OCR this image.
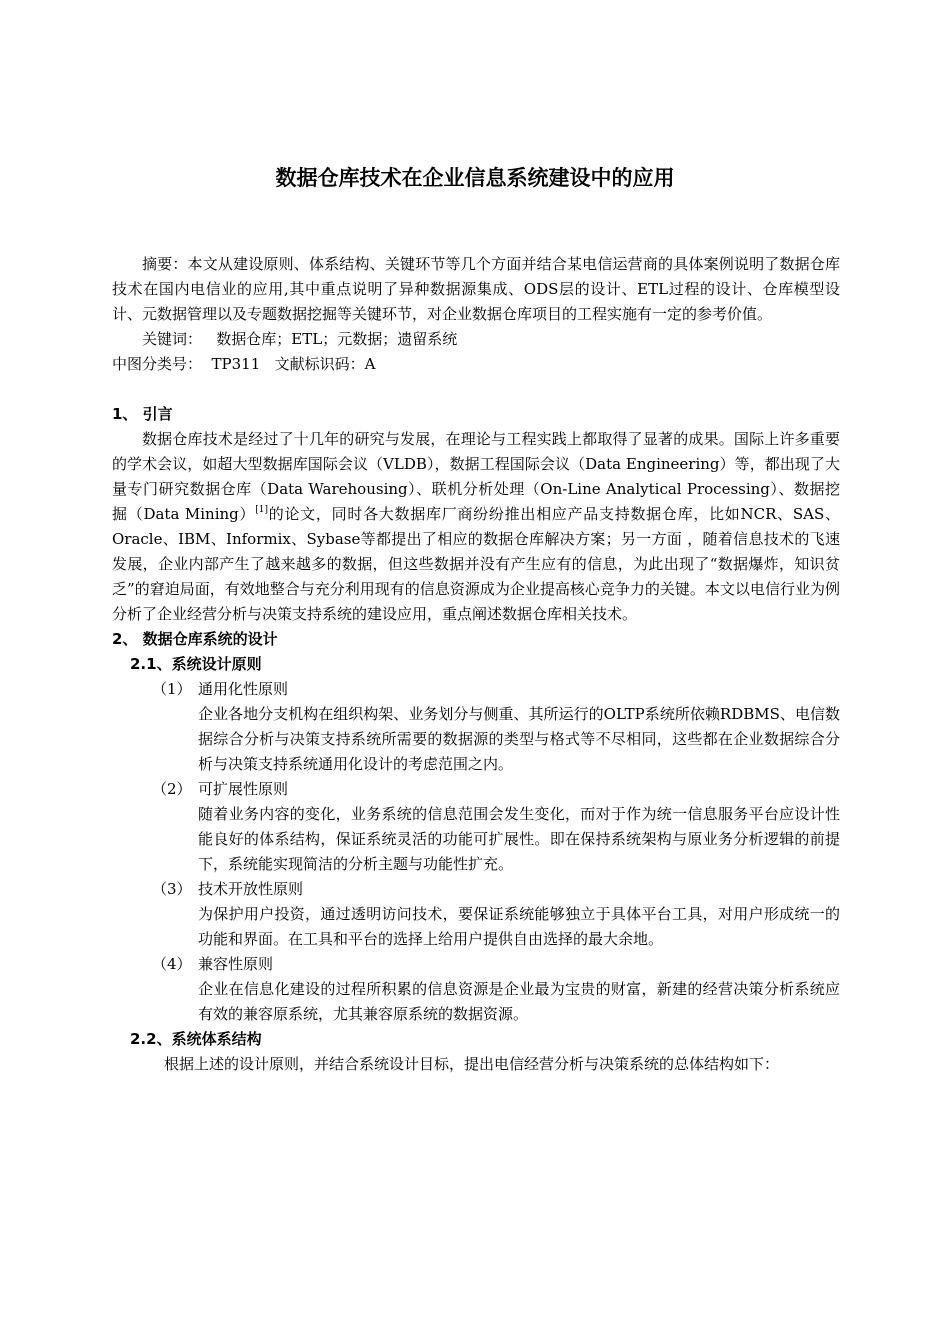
数据仓库技术在企业信息系统建设中的应用

摘要：本文从建设原则、体系结构、关键环节等几个方面并结合某电信运营商的具体案例说明了数据仓库技术在国内电信业的应用,其中重点说明了异种数据源集成、ODS层的设计、ETL过程的设计、仓库模型设计、元数据管理以及专题数据挖掘等关键环节，对企业数据仓库项目的工程实施有一定的参考价值。

关键词：   数据仓库；ETL；元数据；遗留系统

中图分类号：  TP311   文献标识码：A

1、 引言

数据仓库技术是经过了十几年的研究与发展，在理论与工程实践上都取得了显著的成果。国际上许多重要的学术会议，如超大型数据库国际会议（VLDB），数据工程国际会议（Data Engineering）等，都出现了大量专门研究数据仓库（Data Warehousing）、联机分析处理（On-Line Analytical Processing）、数据挖掘（Data Mining）[1]的论文，同时各大数据库厂商纷纷推出相应产品支持数据仓库，比如NCR、SAS、Oracle、IBM、Informix、Sybase等都提出了相应的数据仓库解决方案；另一方面 ，随着信息技术的飞速发展，企业内部产生了越来越多的数据，但这些数据并没有产生应有的信息，为此出现了“数据爆炸，知识贫乏”的窘迫局面，有效地整合与充分利用现有的信息资源成为企业提高核心竞争力的关键。本文以电信行业为例分析了企业经营分析与决策支持系统的建设应用，重点阐述数据仓库相关技术。

2、 数据仓库系统的设计

2.1、系统设计原则

（1） 通用化性原则

企业各地分支机构在组织构架、业务划分与侧重、其所运行的OLTP系统所依赖RDBMS、电信数据综合分析与决策支持系统所需要的数据源的类型与格式等不尽相同，这些都在企业数据综合分析与决策支持系统通用化设计的考虑范围之内。

（2） 可扩展性原则

随着业务内容的变化，业务系统的信息范围会发生变化，而对于作为统一信息服务平台应设计性能良好的体系结构，保证系统灵活的功能可扩展性。即在保持系统架构与原业务分析逻辑的前提下，系统能实现简洁的分析主题与功能性扩充。

（3） 技术开放性原则

为保护用户投资，通过透明访问技术，要保证系统能够独立于具体平台工具，对用户形成统一的功能和界面。在工具和平台的选择上给用户提供自由选择的最大余地。

（4） 兼容性原则

企业在信息化建设的过程所积累的信息资源是企业最为宝贵的财富，新建的经营决策分析系统应有效的兼容原系统，尤其兼容原系统的数据资源。

2.2、系统体系结构

根据上述的设计原则，并结合系统设计目标，提出电信经营分析与决策系统的总体结构如下：
